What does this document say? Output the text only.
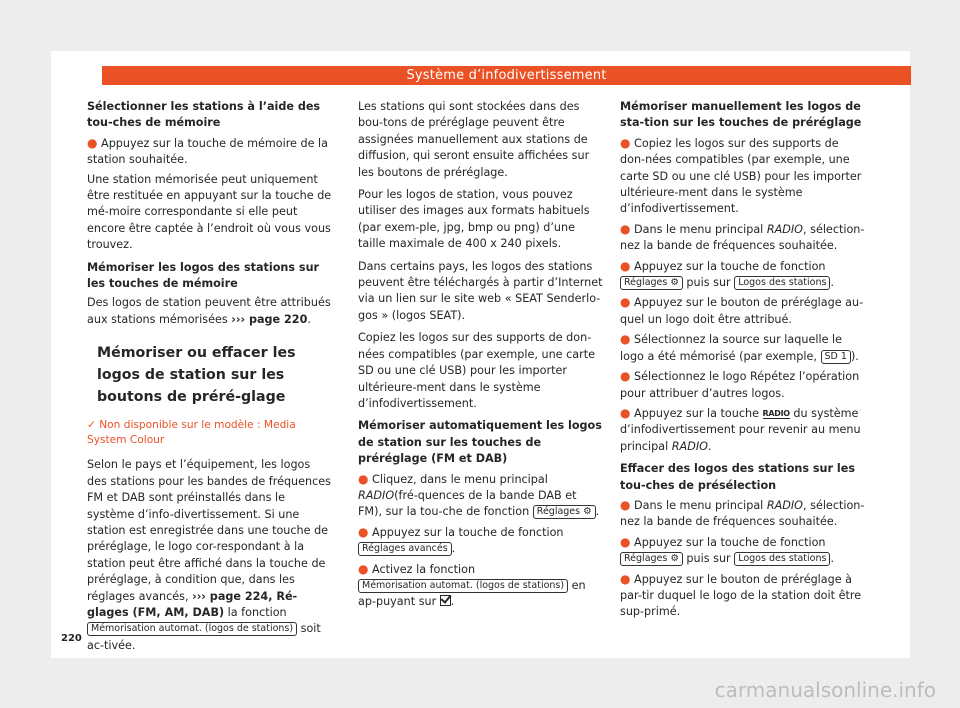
Système d’infodivertissement

Sélectionner les stations à l’aide des tou-ches de mémoire

● Appuyez sur la touche de mémoire de la station souhaitée.

Une station mémorisée peut uniquement être restituée en appuyant sur la touche de mé-moire correspondante si elle peut encore être captée à l’endroit où vous vous trouvez.

Mémoriser les logos des stations sur les touches de mémoire

Des logos de station peuvent être attribués aux stations mémorisées ››› page 220.

Mémoriser ou effacer les logos de station sur les boutons de préré-glage

✓ Non disponible sur le modèle : Media System Colour

Selon le pays et l’équipement, les logos des stations pour les bandes de fréquences FM et DAB sont préinstallés dans le système d’info-divertissement. Si une station est enregistrée dans une touche de préréglage, le logo cor-respondant à la station peut être affiché dans la touche de préréglage, à condition que, dans les réglages avancés, ››› page 224, Ré-glages (FM, AM, DAB) la fonction Mémorisation automat. (logos de stations) soit ac-tivée.

Les stations qui sont stockées dans des bou-tons de préréglage peuvent être assignées manuellement aux stations de diffusion, qui seront ensuite affichées sur les boutons de préréglage.

Pour les logos de station, vous pouvez utiliser des images aux formats habituels (par exem-ple, jpg, bmp ou png) d’une taille maximale de 400 x 240 pixels.

Dans certains pays, les logos des stations peuvent être téléchargés à partir d’Internet via un lien sur le site web « SEAT Senderlo-gos » (logos SEAT).

Copiez les logos sur des supports de don-nées compatibles (par exemple, une carte SD ou une clé USB) pour les importer ultérieure-ment dans le système d’infodivertissement.

Mémoriser automatiquement les logos de station sur les touches de préréglage (FM et DAB)

● Cliquez, dans le menu principal RADIO(fré-quences de la bande DAB et FM), sur la tou-che de fonction Réglages ⚙ .

● Appuyez sur la touche de fonction Réglages avancés .

● Activez la fonction Mémorisation automat. (logos de stations) en ap-puyant sur .

Mémoriser manuellement les logos de sta-tion sur les touches de préréglage

● Copiez les logos sur des supports de don-nées compatibles (par exemple, une carte SD ou une clé USB) pour les importer ultérieure-ment dans le système d’infodivertissement.

● Dans le menu principal RADIO, sélection-nez la bande de fréquences souhaitée.

● Appuyez sur la touche de fonction Réglages ⚙ puis sur Logos des stations .

● Appuyez sur le bouton de préréglage au-quel un logo doit être attribué.

● Sélectionnez la source sur laquelle le logo a été mémorisé (par exemple, SD 1 ).

● Sélectionnez le logo Répétez l’opération pour attribuer d’autres logos.

● Appuyez sur la touche RADIO du système d’infodivertissement pour revenir au menu principal RADIO.

Effacer des logos des stations sur les tou-ches de présélection

● Dans le menu principal RADIO, sélection-nez la bande de fréquences souhaitée.

● Appuyez sur la touche de fonction Réglages ⚙ puis sur Logos des stations .

● Appuyez sur le bouton de préréglage à par-tir duquel le logo de la station doit être sup-primé.

220
carmanualsonline.info
